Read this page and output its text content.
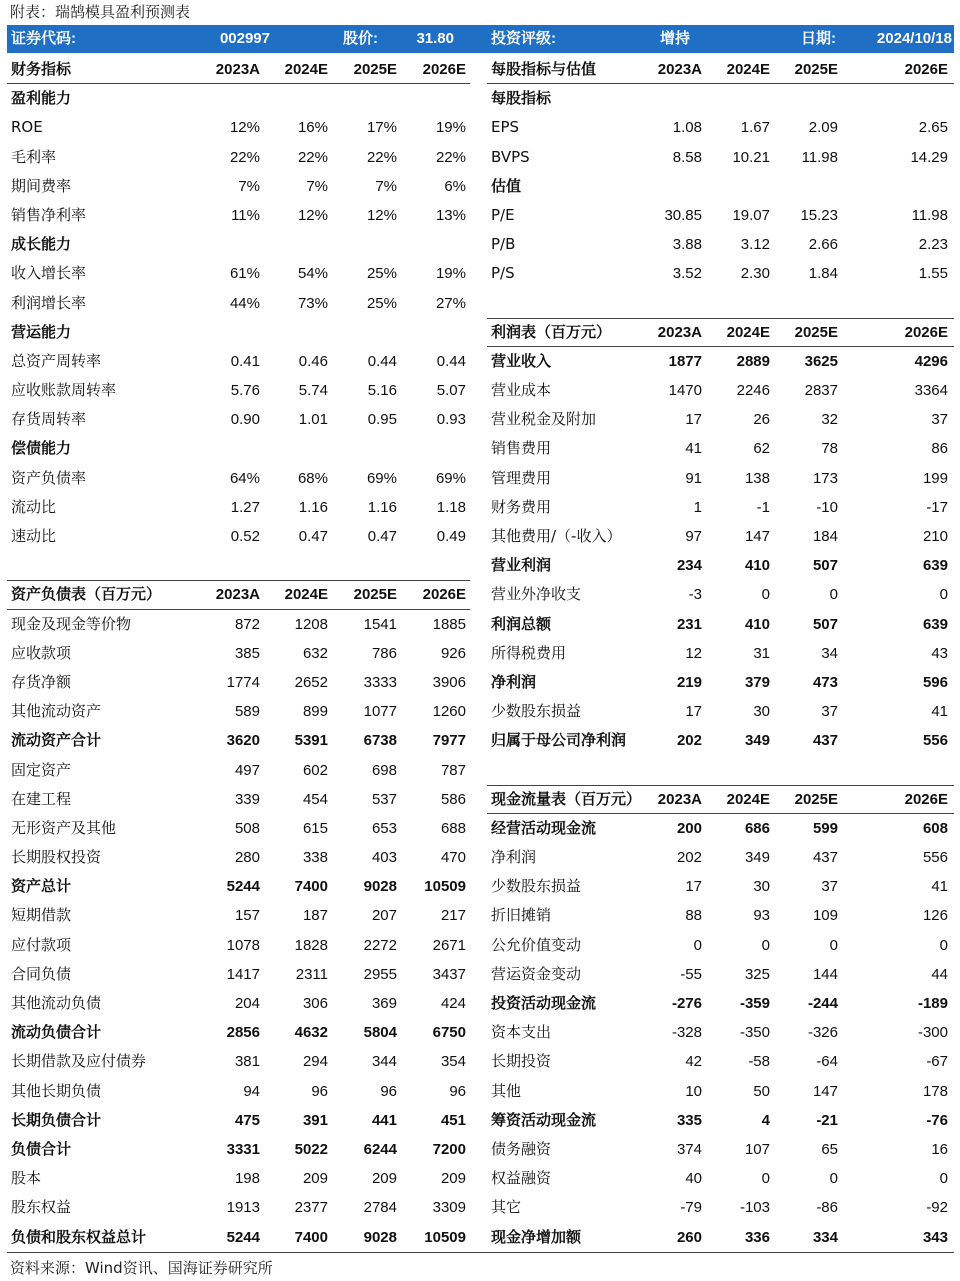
附表：瑞鹄模具盈利预测表
证券代码:	002997	股价:	31.80 投资评级:	增持	日期:	2024/10/18
财务指标	2023A 2024E 2025E 2026E
盈利能力
ROE	12%	16%	17%	19%
毛利率	22%	22%	22%	22%
期间费率	7%	7%	7%	6%
销售净利率	11%	12%	12%	13%
成长能力
收入增长率	61%	54%	25%	19%
利润增长率	44%	73%	25%	27%
营运能力
总资产周转率	0.41	0.46	0.44	0.44
应收账款周转率	5.76	5.74	5.16	5.07
存货周转率	0.90	1.01	0.95	0.93
偿债能力
资产负债率	64%	68%	69%	69%
流动比	1.27	1.16	1.16	1.18
速动比	0.52	0.47	0.47	0.49
资产负债表（百万元）	2023A 2024E 2025E 2026E
现金及现金等价物	872 1208 1541 1885
应收款项	385	632	786	926
存货净额	1774 2652 3333 3906
其他流动资产	589	899 1077 1260
流动资产合计	3620 5391 6738 7977
固定资产	497	602	698	787
在建工程	339	454	537	586
无形资产及其他	508	615	653	688
长期股权投资	280	338	403	470
资产总计	5244 7400 9028 10509
短期借款	157	187	207	217
应付款项	1078 1828 2272 2671
合同负债	1417 2311 2955 3437
其他流动负债	204	306	369	424
流动负债合计	2856 4632 5804 6750
长期借款及应付债券	381	294	344	354
其他长期负债	94	96	96	96
长期负债合计	475	391	441	451
负债合计	3331 5022 6244 7200
股本	198	209	209	209
股东权益	1913 2377 2784 3309
负债和股东权益总计	5244 7400 9028 10509
每股指标与估值	2023A 2024E 2025E	2026E
每股指标
EPS	1.08	1.67	2.09	2.65
BVPS	8.58 10.21 11.98	14.29
估值
P/E	30.85 19.07 15.23	11.98
P/B	3.88	3.12	2.66	2.23
P/S	3.52	2.30	1.84	1.55
利润表（百万元）	2023A 2024E 2025E	2026E
营业收入	1877 2889 3625	4296
营业成本	1470 2246 2837	3364
营业税金及附加	17	26	32	37
销售费用	41	62	78	86
管理费用	91	138	173	199
财务费用	1	-1	-10	-17
其他费用/（-收入）	97	147	184	210
营业利润	234	410	507	639
营业外净收支	-3	0	0	0
利润总额	231	410	507	639
所得税费用	12	31	34	43
净利润	219	379	473	596
少数股东损益	17	30	37	41
归属于母公司净利润	202	349	437	556
现金流量表（百万元） 2023A 2024E 2025E	2026E
经营活动现金流	200	686	599	608
净利润	202	349	437	556
少数股东损益	17	30	37	41
折旧摊销	88	93	109	126
公允价值变动	0	0	0	0
营运资金变动	-55	325	144	44
投资活动现金流	-276	-359	-244	-189
资本支出	-328	-350	-326	-300
长期投资	42	-58	-64	-67
其他	10	50	147	178
筹资活动现金流	335	4	-21	-76
债务融资	374	107	65	16
权益融资	40	0	0	0
其它	-79	-103	-86	-92
现金净增加额	260	336	334	343
资料来源：Wind资讯、国海证券研究所
